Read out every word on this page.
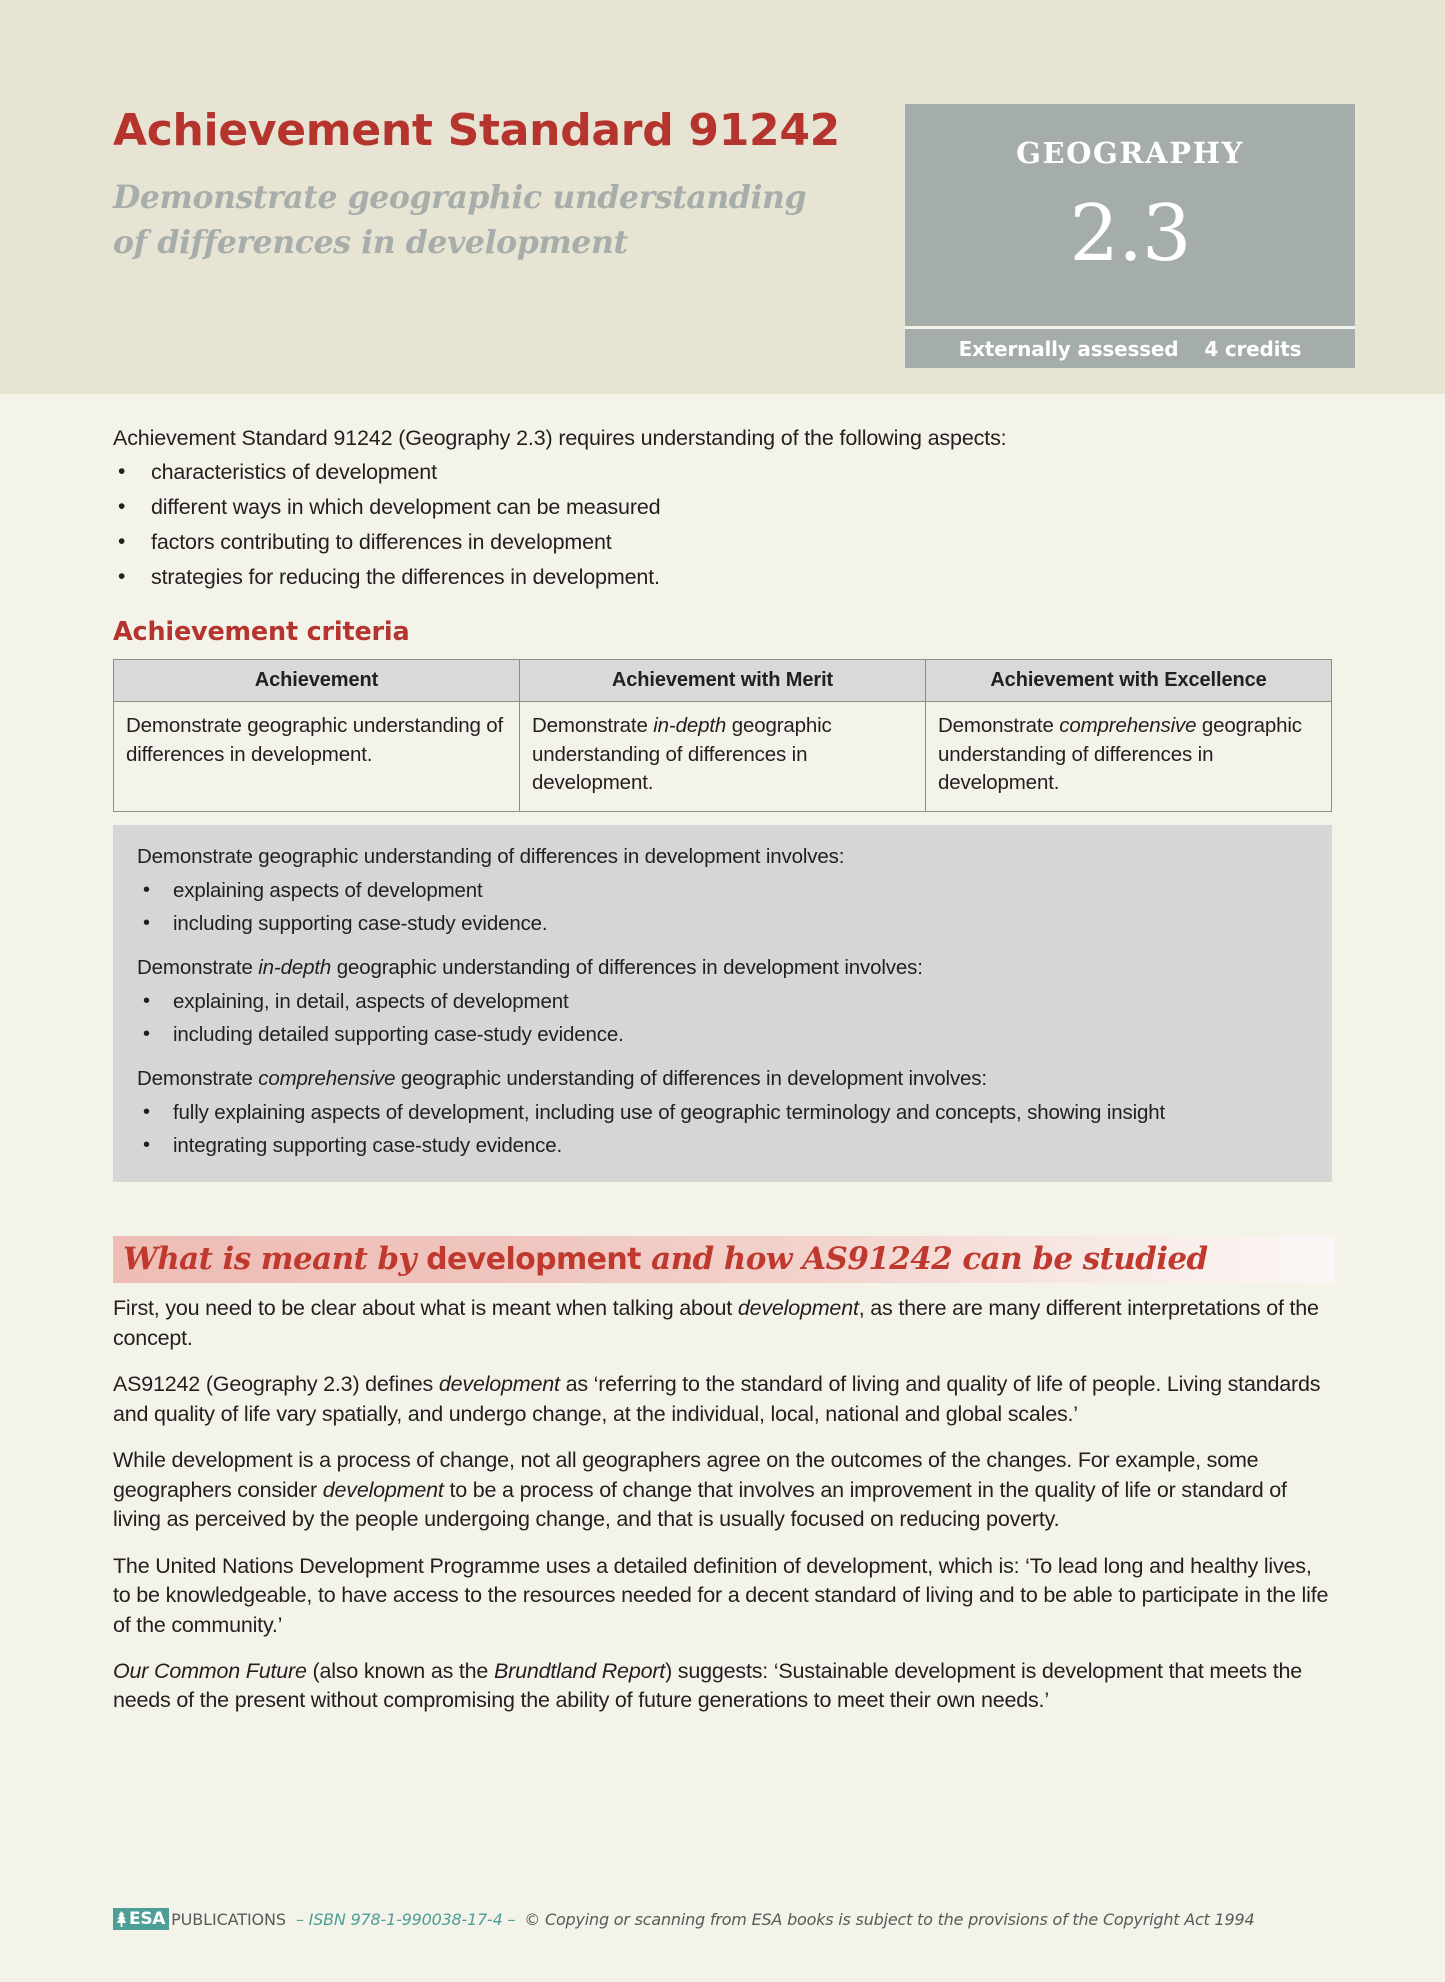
Achievement Standard 91242
Demonstrate geographic understanding
of differences in development
GEOGRAPHY
2.3
Externally assessed 4 credits

Achievement Standard 91242 (Geography 2.3) requires understanding of the following aspects:

• characteristics of development
• different ways in which development can be measured
• factors contributing to differences in development
• strategies for reducing the differences in development.
Achievement criteria
Achievement	Achievement with Merit	Achievement with Excellence
Demonstrate geographic understanding of differences in development.	Demonstrate in-depth geographic understanding of differences in development.	Demonstrate comprehensive geographic understanding of differences in development.

Demonstrate geographic understanding of differences in development involves:

• explaining aspects of development
• including supporting case-study evidence.

Demonstrate in-depth geographic understanding of differences in development involves:

• explaining, in detail, aspects of development
• including detailed supporting case-study evidence.

Demonstrate comprehensive geographic understanding of differences in development involves:

• fully explaining aspects of development, including use of geographic terminology and concepts, showing insight
• integrating supporting case-study evidence.
What is meant by development and how AS91242 can be studied

First, you need to be clear about what is meant when talking about development, as there are many different interpretations of the concept.

AS91242 (Geography 2.3) defines development as ‘referring to the standard of living and quality of life of people. Living standards and quality of life vary spatially, and undergo change, at the individual, local, national and global scales.’

While development is a process of change, not all geographers agree on the outcomes of the changes. For example, some geographers consider development to be a process of change that involves an improvement in the quality of life or standard of living as perceived by the people undergoing change, and that is usually focused on reducing poverty.

The United Nations Development Programme uses a detailed definition of development, which is: ‘To lead long and healthy lives, to be knowledgeable, to have access to the resources needed for a decent standard of living and to be able to participate in the life of the community.’

Our Common Future (also known as the Brundtland Report) suggests: ‘Sustainable development is development that meets the needs of the present without compromising the ability of future generations to meet their own needs.’

ESA PUBLICATIONS – ISBN 978-1-990038-17-4 – © Copying or scanning from ESA books is subject to the provisions of the Copyright Act 1994
